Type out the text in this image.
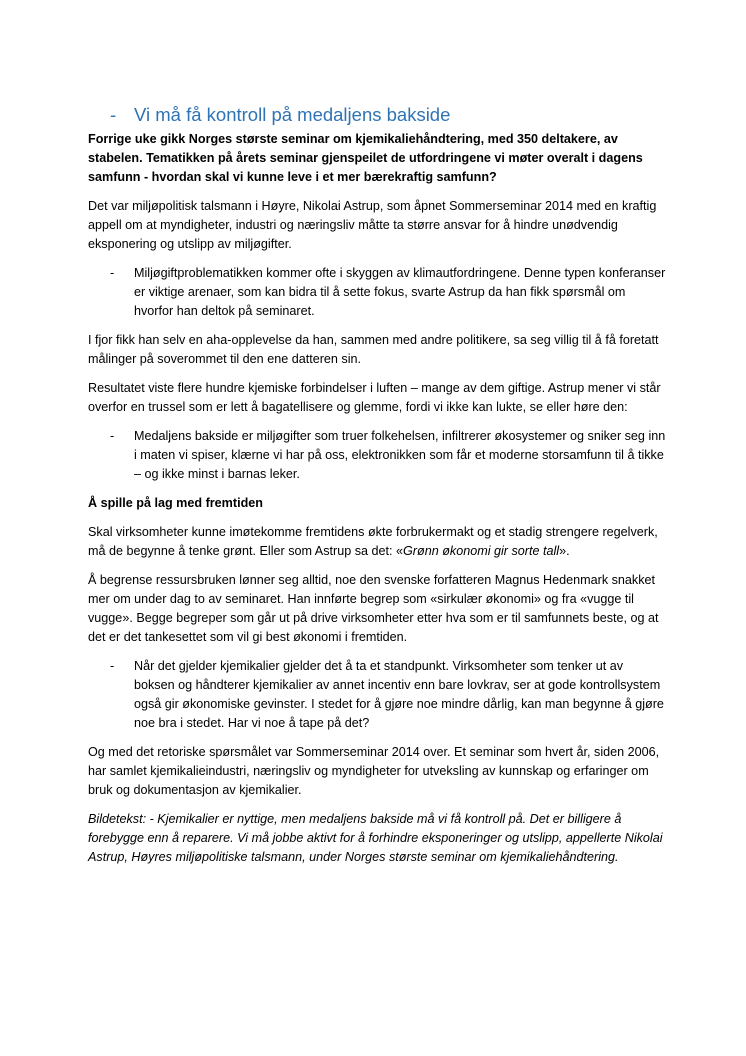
- Vi må få kontroll på medaljens bakside

Forrige uke gikk Norges største seminar om kjemikaliehåndtering, med 350 deltakere, av stabelen. Tematikken på årets seminar gjenspeilet de utfordringene vi møter overalt i dagens samfunn - hvordan skal vi kunne leve i et mer bærekraftig samfunn?

Det var miljøpolitisk talsmann i Høyre, Nikolai Astrup, som åpnet Sommerseminar 2014 med en kraftig appell om at myndigheter, industri og næringsliv måtte ta større ansvar for å hindre unødvendig eksponering og utslipp av miljøgifter.

- Miljøgiftproblematikken kommer ofte i skyggen av klimautfordringene. Denne typen konferanser er viktige arenaer, som kan bidra til å sette fokus, svarte Astrup da han fikk spørsmål om hvorfor han deltok på seminaret.

I fjor fikk han selv en aha-opplevelse da han, sammen med andre politikere, sa seg villig til å få foretatt målinger på soverommet til den ene datteren sin.

Resultatet viste flere hundre kjemiske forbindelser i luften – mange av dem giftige. Astrup mener vi står overfor en trussel som er lett å bagatellisere og glemme, fordi vi ikke kan lukte, se eller høre den:

- Medaljens bakside er miljøgifter som truer folkehelsen, infiltrerer økosystemer og sniker seg inn i maten vi spiser, klærne vi har på oss, elektronikken som får et moderne storsamfunn til å tikke – og ikke minst i barnas leker.

Å spille på lag med fremtiden

Skal virksomheter kunne imøtekomme fremtidens økte forbrukermakt og et stadig strengere regelverk, må de begynne å tenke grønt. Eller som Astrup sa det: «Grønn økonomi gir sorte tall».

Å begrense ressursbruken lønner seg alltid, noe den svenske forfatteren Magnus Hedenmark snakket mer om under dag to av seminaret. Han innførte begrep som «sirkulær økonomi» og fra «vugge til vugge». Begge begreper som går ut på drive virksomheter etter hva som er til samfunnets beste, og at det er det tankesettet som vil gi best økonomi i fremtiden.

- Når det gjelder kjemikalier gjelder det å ta et standpunkt. Virksomheter som tenker ut av boksen og håndterer kjemikalier av annet incentiv enn bare lovkrav, ser at gode kontrollsystem også gir økonomiske gevinster. I stedet for å gjøre noe mindre dårlig, kan man begynne å gjøre noe bra i stedet. Har vi noe å tape på det?

Og med det retoriske spørsmålet var Sommerseminar 2014 over. Et seminar som hvert år, siden 2006, har samlet kjemikalieindustri, næringsliv og myndigheter for utveksling av kunnskap og erfaringer om bruk og dokumentasjon av kjemikalier.

Bildetekst: - Kjemikalier er nyttige, men medaljens bakside må vi få kontroll på. Det er billigere å forebygge enn å reparere. Vi må jobbe aktivt for å forhindre eksponeringer og utslipp, appellerte Nikolai Astrup, Høyres miljøpolitiske talsmann, under Norges største seminar om kjemikaliehåndtering.
